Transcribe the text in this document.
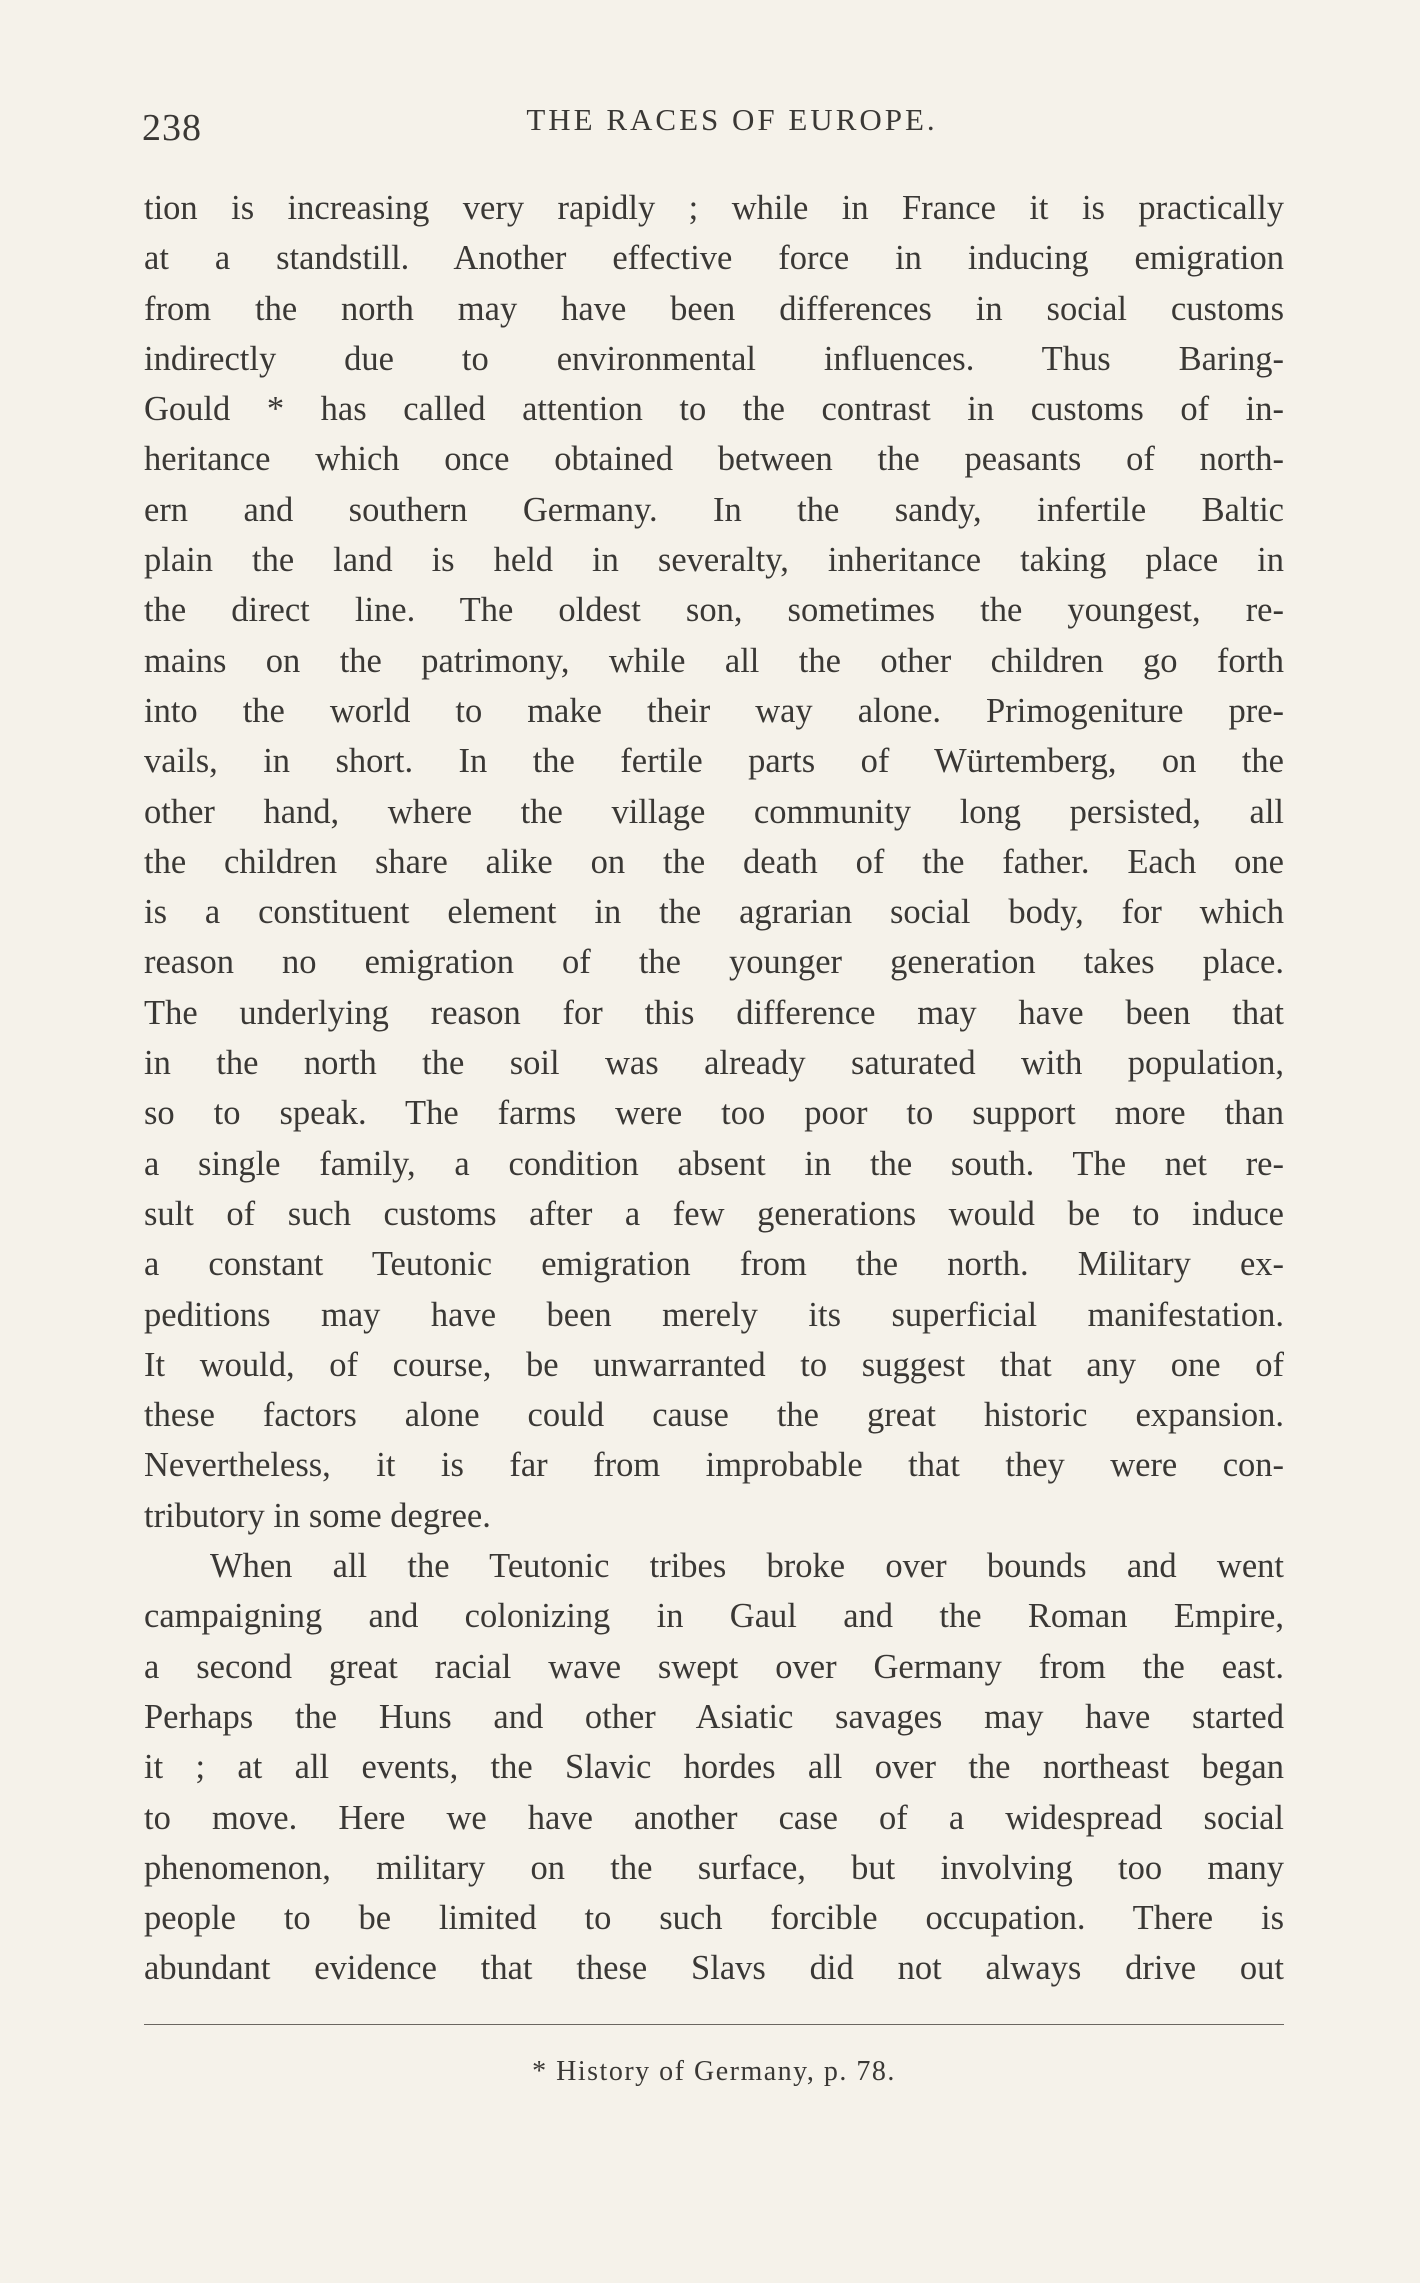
238	THE RACES OF EUROPE.
tion is increasing very rapidly ; while in France it is practically
at a standstill. Another effective force in inducing emigration
from the north may have been differences in social customs
indirectly due to environmental influences. Thus Baring-
Gould * has called attention to the contrast in customs of in-
heritance which once obtained between the peasants of north-
ern and southern Germany. In the sandy, infertile Baltic
plain the land is held in severalty, inheritance taking place in
the direct line. The oldest son, sometimes the youngest, re-
mains on the patrimony, while all the other children go forth
into the world to make their way alone. Primogeniture pre-
vails, in short. In the fertile parts of Würtemberg, on the
other hand, where the village community long persisted, all
the children share alike on the death of the father. Each one
is a constituent element in the agrarian social body, for which
reason no emigration of the younger generation takes place.
The underlying reason for this difference may have been that
in the north the soil was already saturated with population,
so to speak. The farms were too poor to support more than
a single family, a condition absent in the south. The net re-
sult of such customs after a few generations would be to induce
a constant Teutonic emigration from the north. Military ex-
peditions may have been merely its superficial manifestation.
It would, of course, be unwarranted to suggest that any one of
these factors alone could cause the great historic expansion.
Nevertheless, it is far from improbable that they were con-
tributory in some degree.
When all the Teutonic tribes broke over bounds and went
campaigning and colonizing in Gaul and the Roman Empire,
a second great racial wave swept over Germany from the east.
Perhaps the Huns and other Asiatic savages may have started
it ; at all events, the Slavic hordes all over the northeast began
to move. Here we have another case of a widespread social
phenomenon, military on the surface, but involving too many
people to be limited to such forcible occupation. There is
abundant evidence that these Slavs did not always drive out
* History of Germany, p. 78.
